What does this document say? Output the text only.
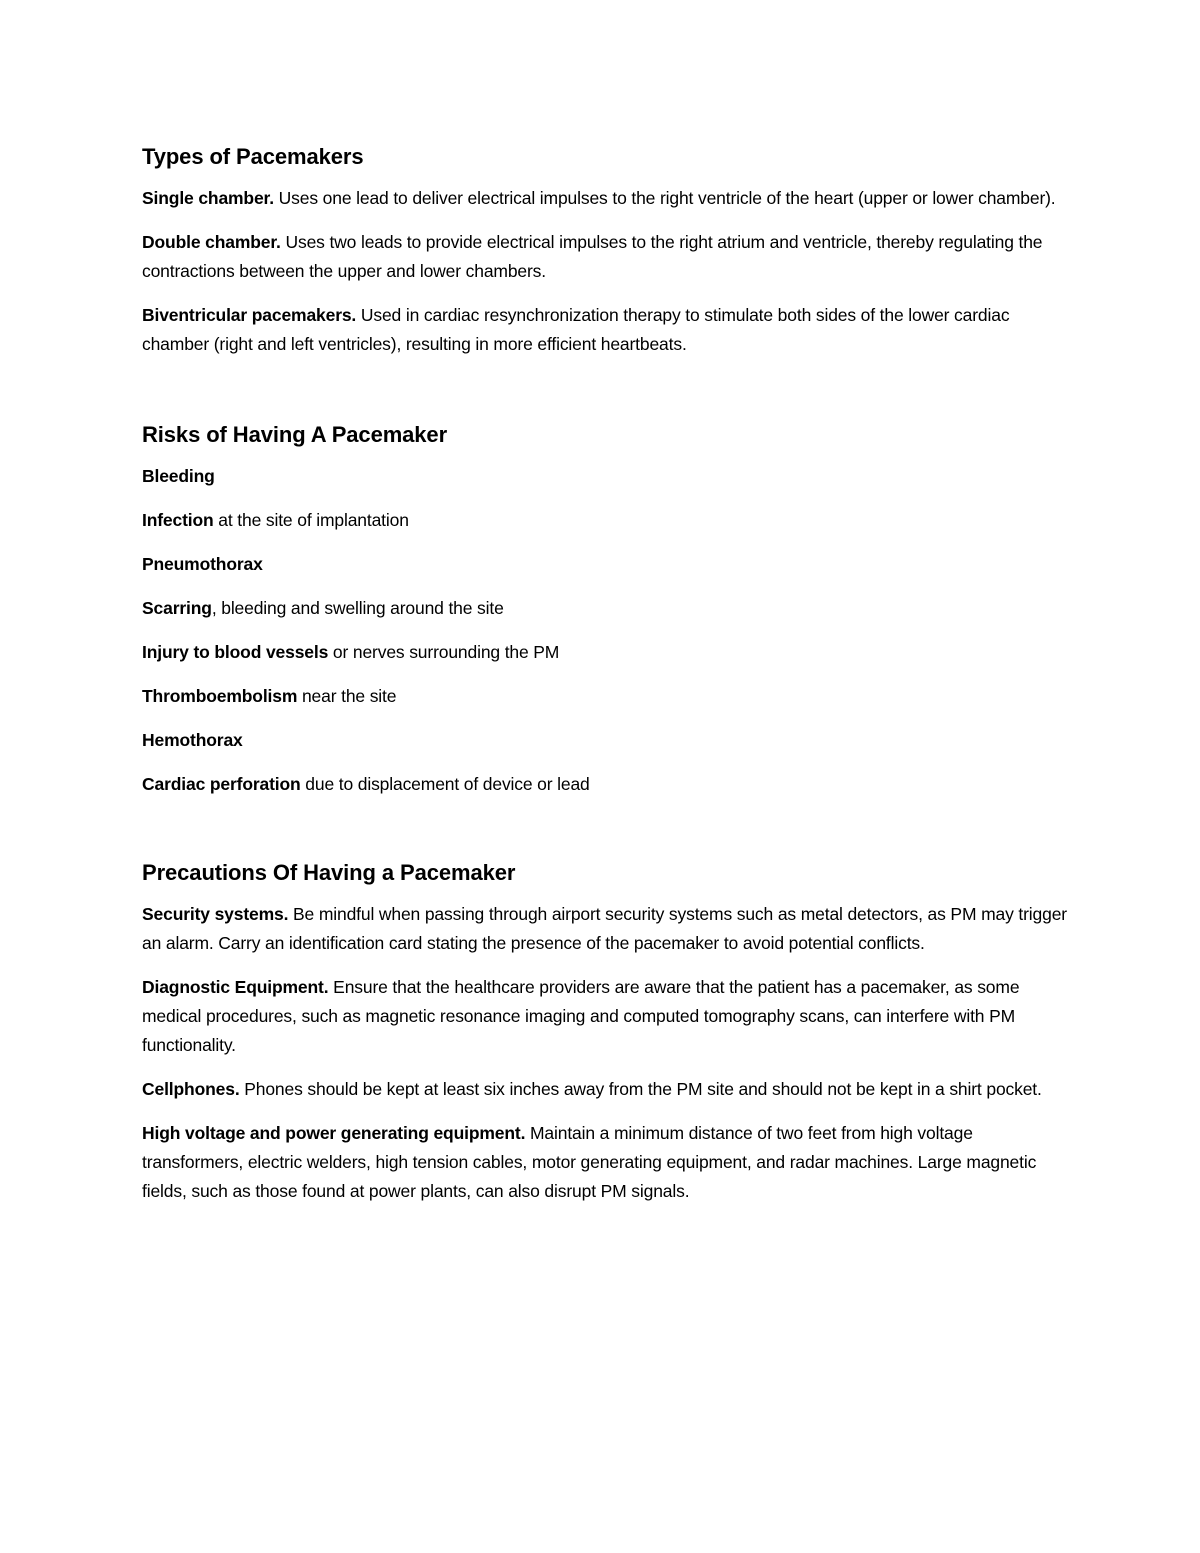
Types of Pacemakers

Single chamber. Uses one lead to deliver electrical impulses to the right ventricle of the heart (upper or lower chamber).

Double chamber. Uses two leads to provide electrical impulses to the right atrium and ventricle, thereby regulating the contractions between the upper and lower chambers.

Biventricular pacemakers. Used in cardiac resynchronization therapy to stimulate both sides of the lower cardiac chamber (right and left ventricles), resulting in more efficient heartbeats.

Risks of Having A Pacemaker

Bleeding

Infection at the site of implantation

Pneumothorax

Scarring, bleeding and swelling around the site

Injury to blood vessels or nerves surrounding the PM

Thromboembolism near the site

Hemothorax

Cardiac perforation due to displacement of device or lead

Precautions Of Having a Pacemaker

Security systems. Be mindful when passing through airport security systems such as metal detectors, as PM may trigger an alarm. Carry an identification card stating the presence of the pacemaker to avoid potential conflicts.

Diagnostic Equipment. Ensure that the healthcare providers are aware that the patient has a pacemaker, as some medical procedures, such as magnetic resonance imaging and computed tomography scans, can interfere with PM functionality.

Cellphones. Phones should be kept at least six inches away from the PM site and should not be kept in a shirt pocket.

High voltage and power generating equipment. Maintain a minimum distance of two feet from high voltage transformers, electric welders, high tension cables, motor generating equipment, and radar machines. Large magnetic fields, such as those found at power plants, can also disrupt PM signals.
